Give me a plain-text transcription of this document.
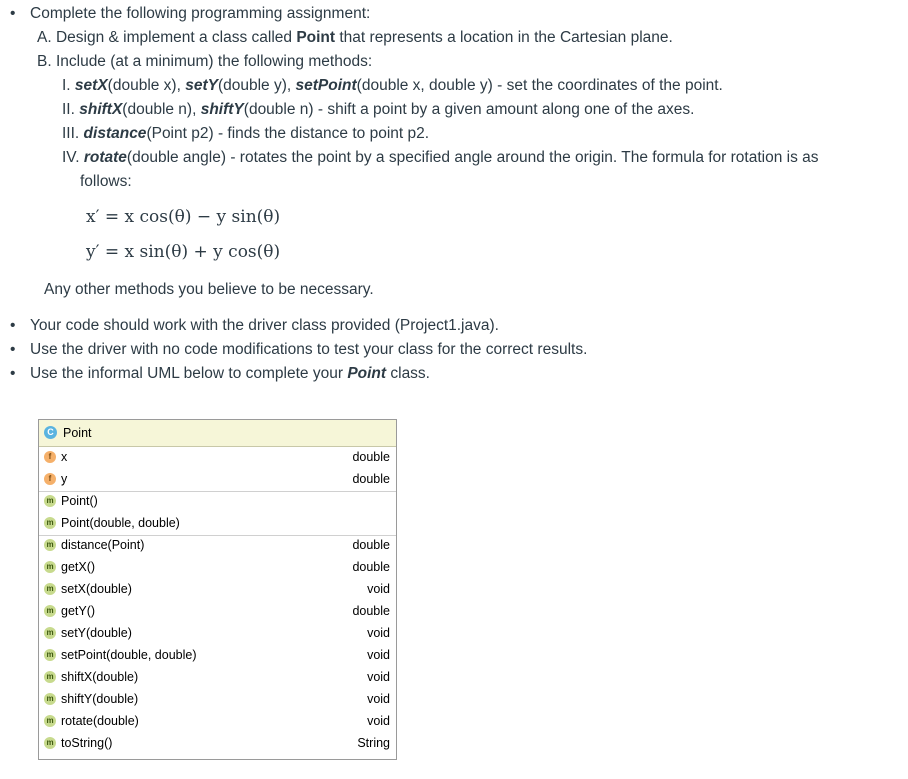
• Complete the following programming assignment:
A. Design & implement a class called Point that represents a location in the Cartesian plane.
B. Include (at a minimum) the following methods:
I. setX(double x), setY(double y), setPoint(double x, double y) - set the coordinates of the point.
II. shiftX(double n), shiftY(double n) - shift a point by a given amount along one of the axes.
III. distance(Point p2) - finds the distance to point p2.
IV. rotate(double angle) - rotates the point by a specified angle around the origin. The formula for rotation is as
follows:
x′ = x cos(θ) − y sin(θ)
y′ = x sin(θ) + y cos(θ)
Any other methods you believe to be necessary.
• Your code should work with the driver class provided (Project1.java).
• Use the driver with no code modifications to test your class for the correct results.
• Use the informal UML below to complete your Point class.
C Point
f x	double
f y	double
m Point()
m Point(double, double)
m distance(Point)	double
m getX()	double
m setX(double)	void
m getY()	double
m setY(double)	void
m setPoint(double, double)	void
m shiftX(double)	void
m shiftY(double)	void
m rotate(double)	void
m toString()	String
